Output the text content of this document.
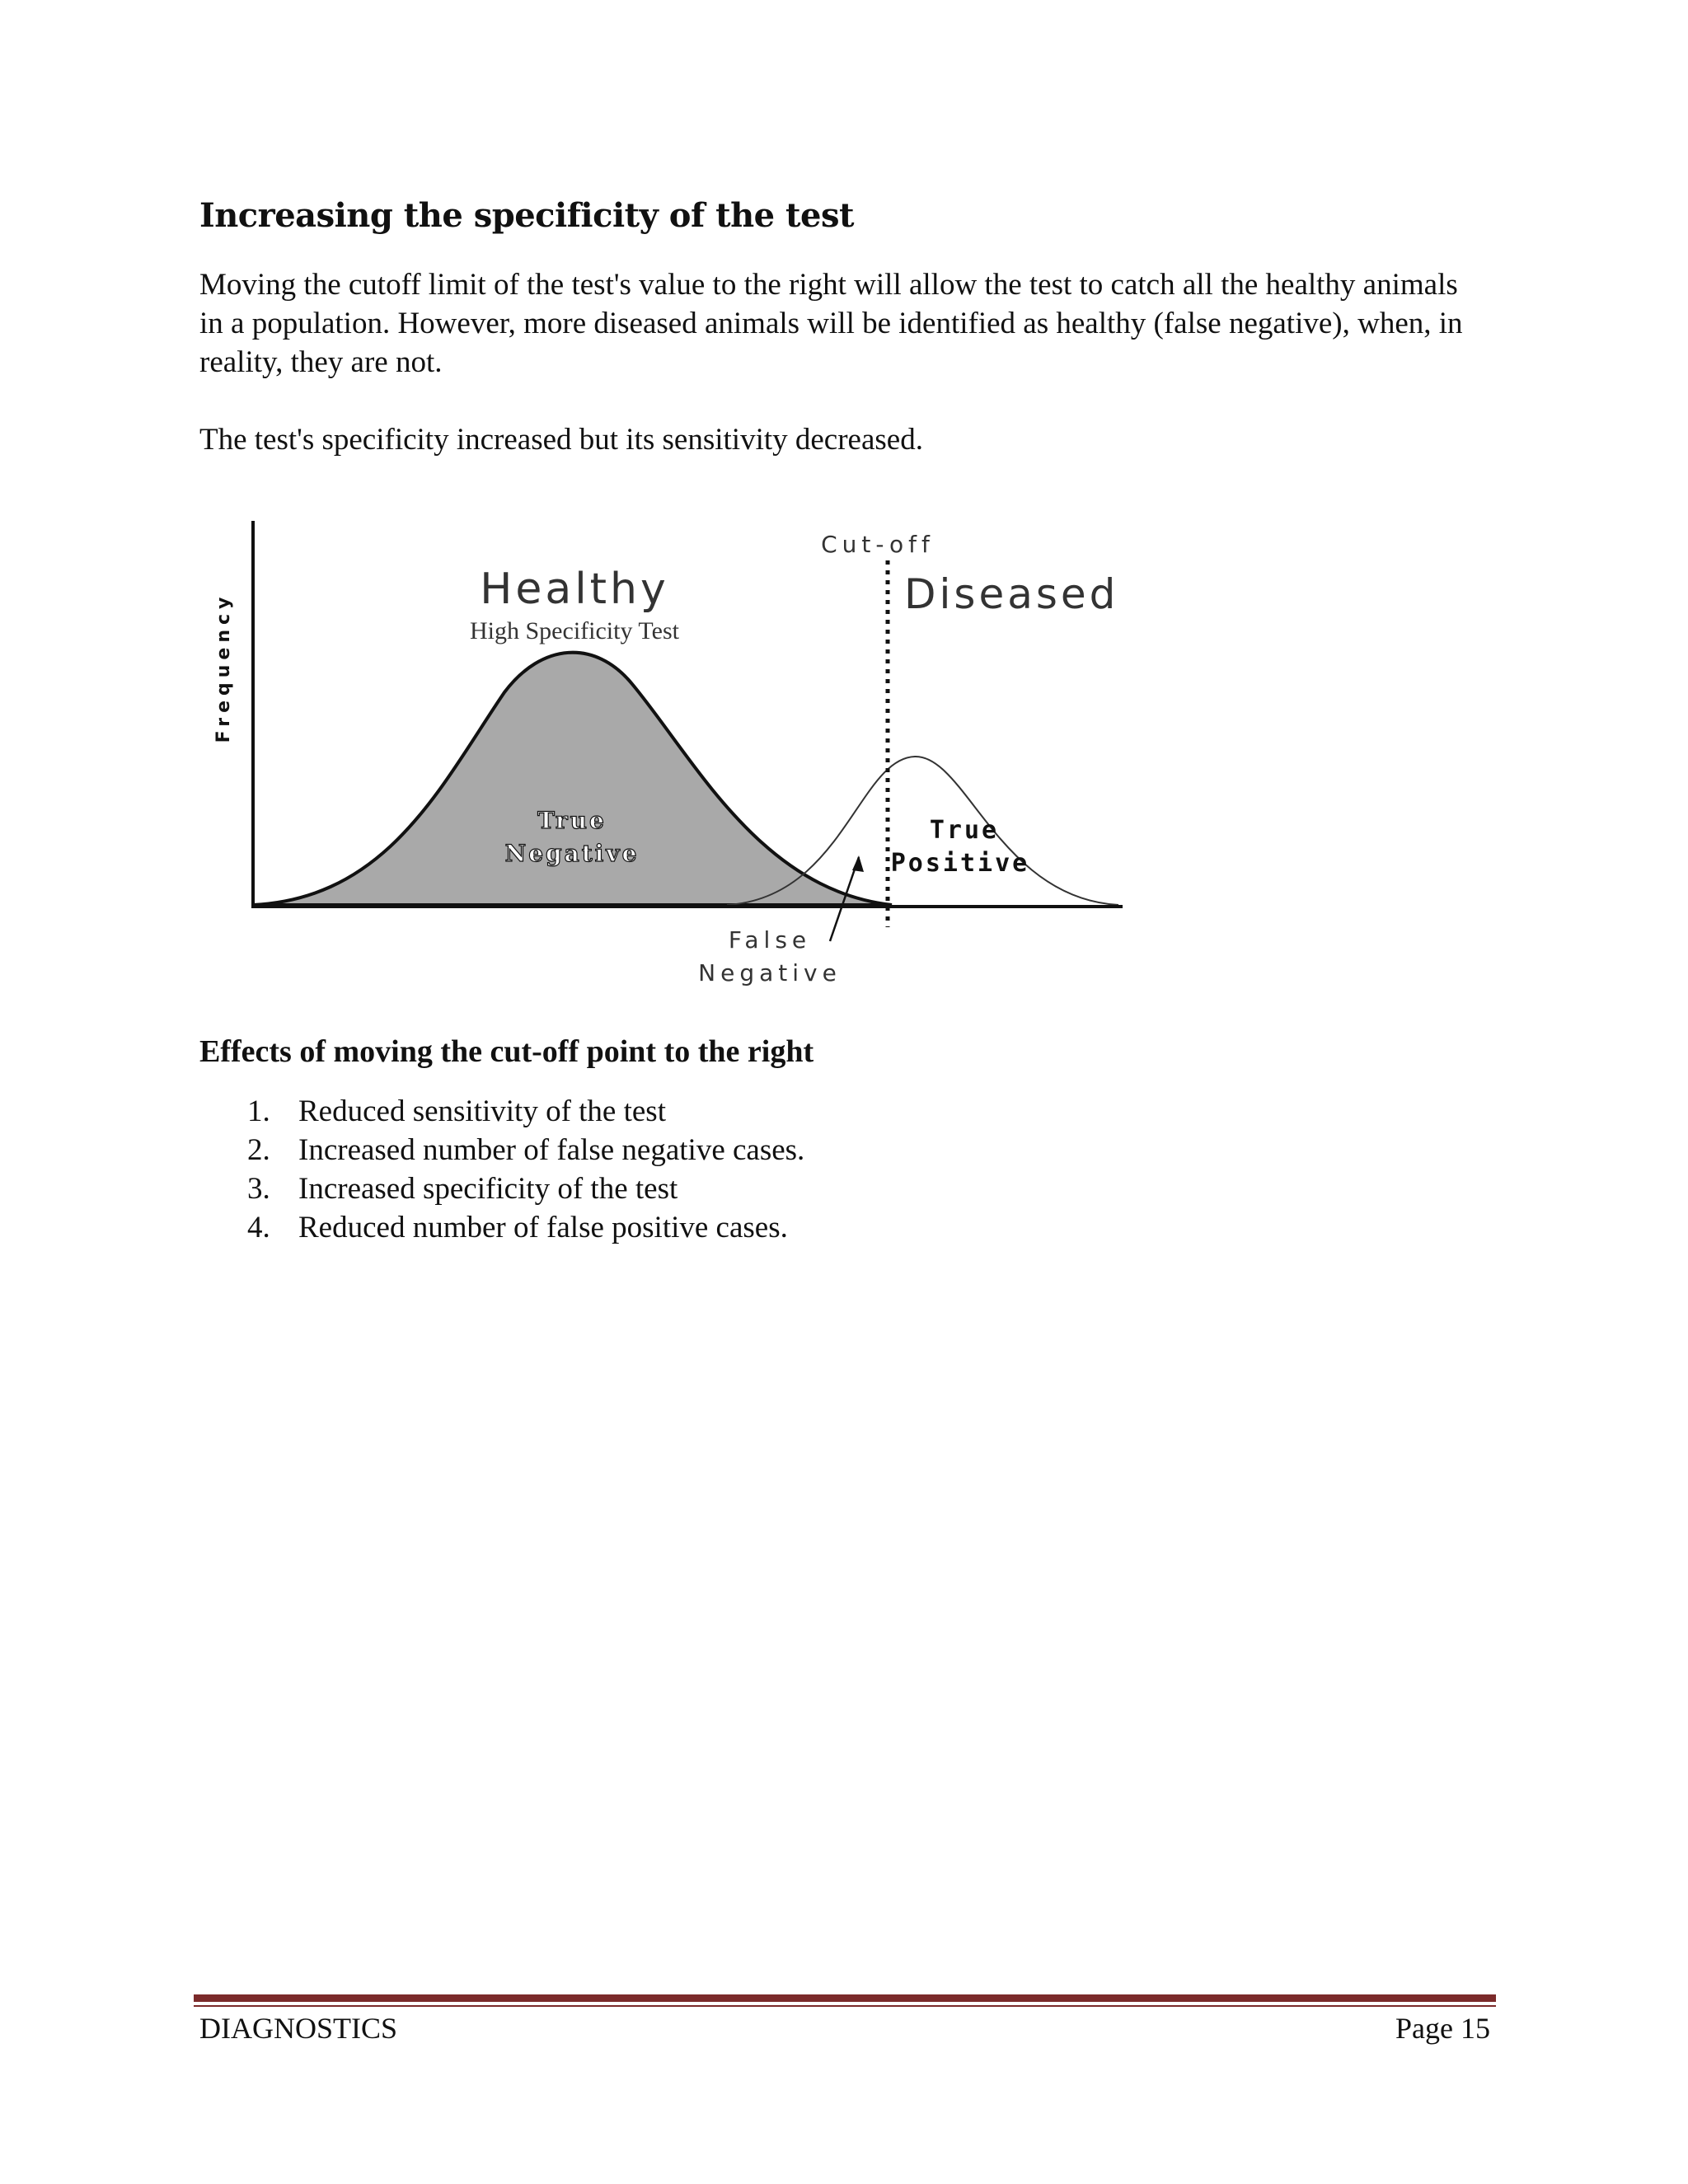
Increasing the specificity of the test

Moving the cutoff limit of the test's value to the right will allow the test to catch all the healthy animals in a population. However, more diseased animals will be identified as healthy (false negative), when, in reality, they are not.

The test's specificity increased but its sensitivity decreased.

Frequency
Cut-off
Healthy
High Specificity Test
Diseased
True
Negative
True
Positive
False
Negative
Effects of moving the cut-off point to the right
1. Reduced sensitivity of the test
2. Increased number of false negative cases.
3. Increased specificity of the test
4. Reduced number of false positive cases.
DIAGNOSTICS	Page 15
